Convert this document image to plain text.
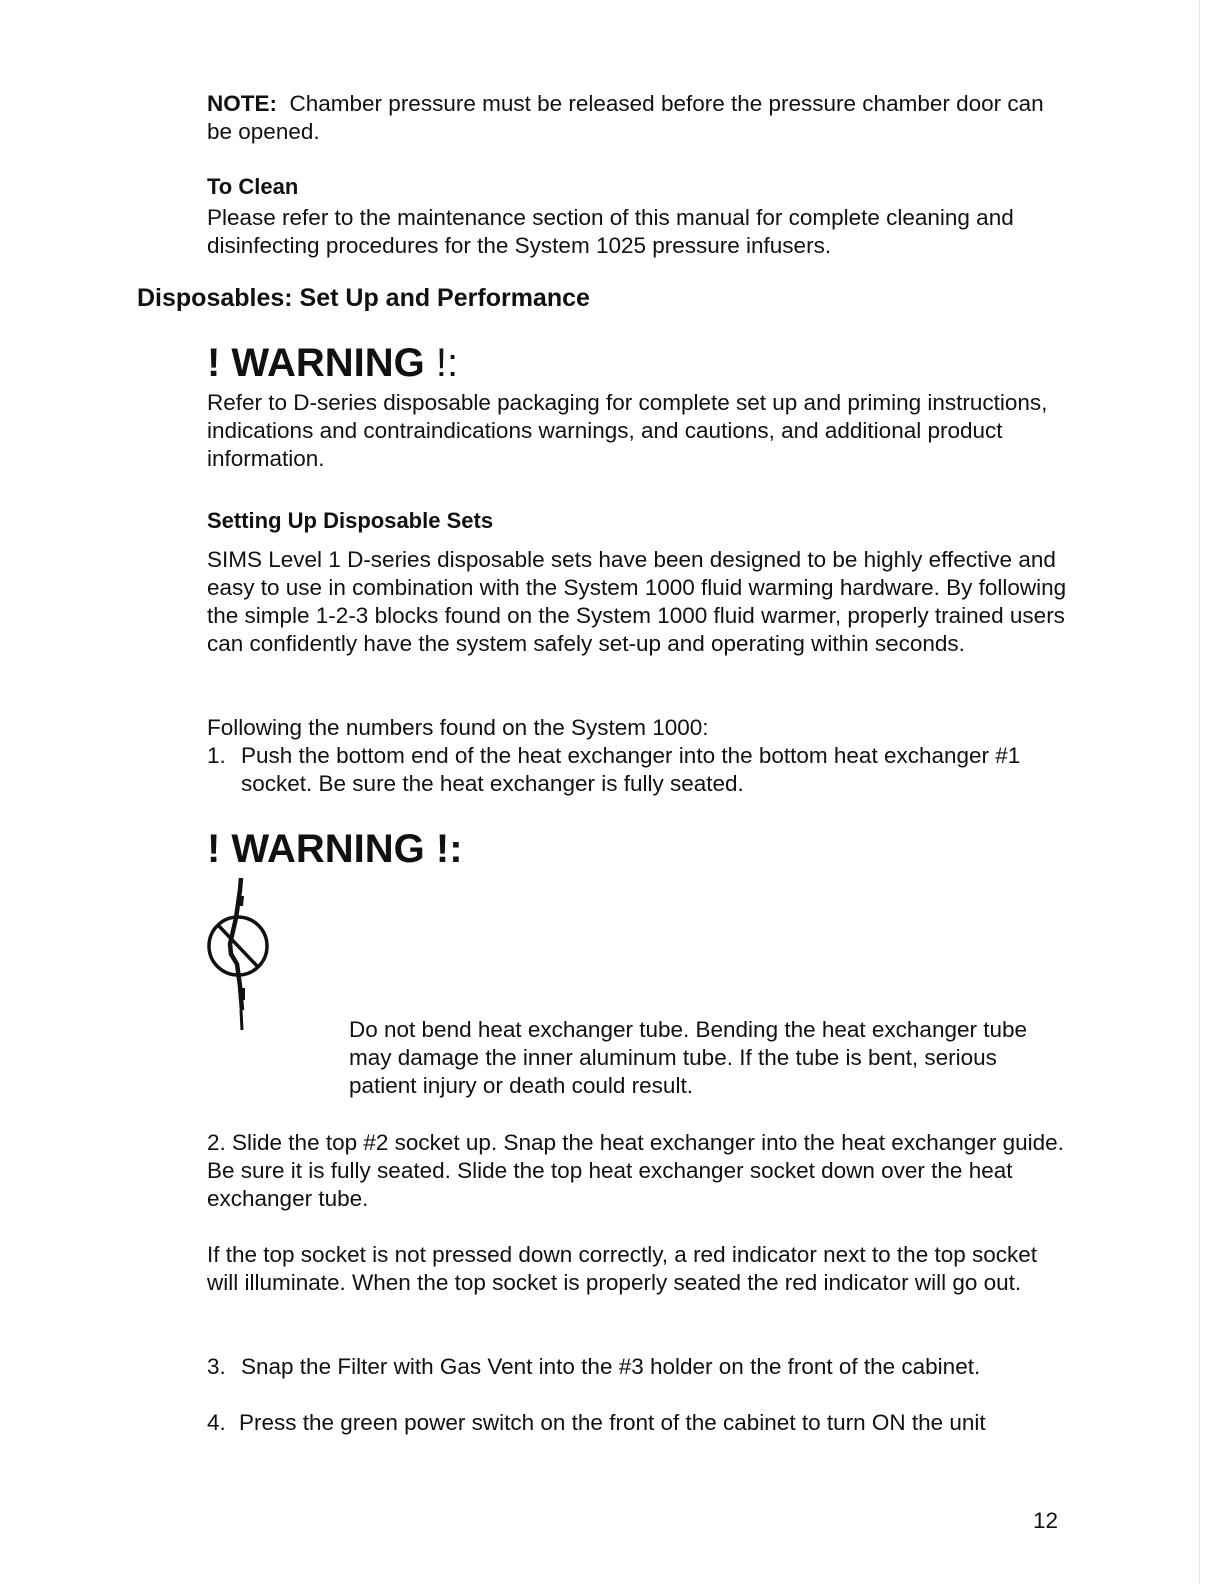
NOTE: Chamber pressure must be released before the pressure chamber door can be opened.

To Clean

Please refer to the maintenance section of this manual for complete cleaning and disinfecting procedures for the System 1025 pressure infusers.

Disposables: Set Up and Performance
! WARNING !:

Refer to D-series disposable packaging for complete set up and priming instructions, indications and contraindications warnings, and cautions, and additional product information.

Setting Up Disposable Sets

SIMS Level 1 D-series disposable sets have been designed to be highly effective and easy to use in combination with the System 1000 fluid warming hardware. By following the simple 1-2-3 blocks found on the System 1000 fluid warmer, properly trained users can confidently have the system safely set-up and operating within seconds.

Following the numbers found on the System 1000:

1. Push the bottom end of the heat exchanger into the bottom heat exchanger #1 socket. Be sure the heat exchanger is fully seated.
! WARNING !:

Do not bend heat exchanger tube. Bending the heat exchanger tube may damage the inner aluminum tube. If the tube is bent, serious patient injury or death could result.

2. Slide the top #2 socket up. Snap the heat exchanger into the heat exchanger guide. Be sure it is fully seated. Slide the top heat exchanger socket down over the heat exchanger tube.

If the top socket is not pressed down correctly, a red indicator next to the top socket will illuminate. When the top socket is properly seated the red indicator will go out.

3. Snap the Filter with Gas Vent into the #3 holder on the front of the cabinet.
4. Press the green power switch on the front of the cabinet to turn ON the unit
12
